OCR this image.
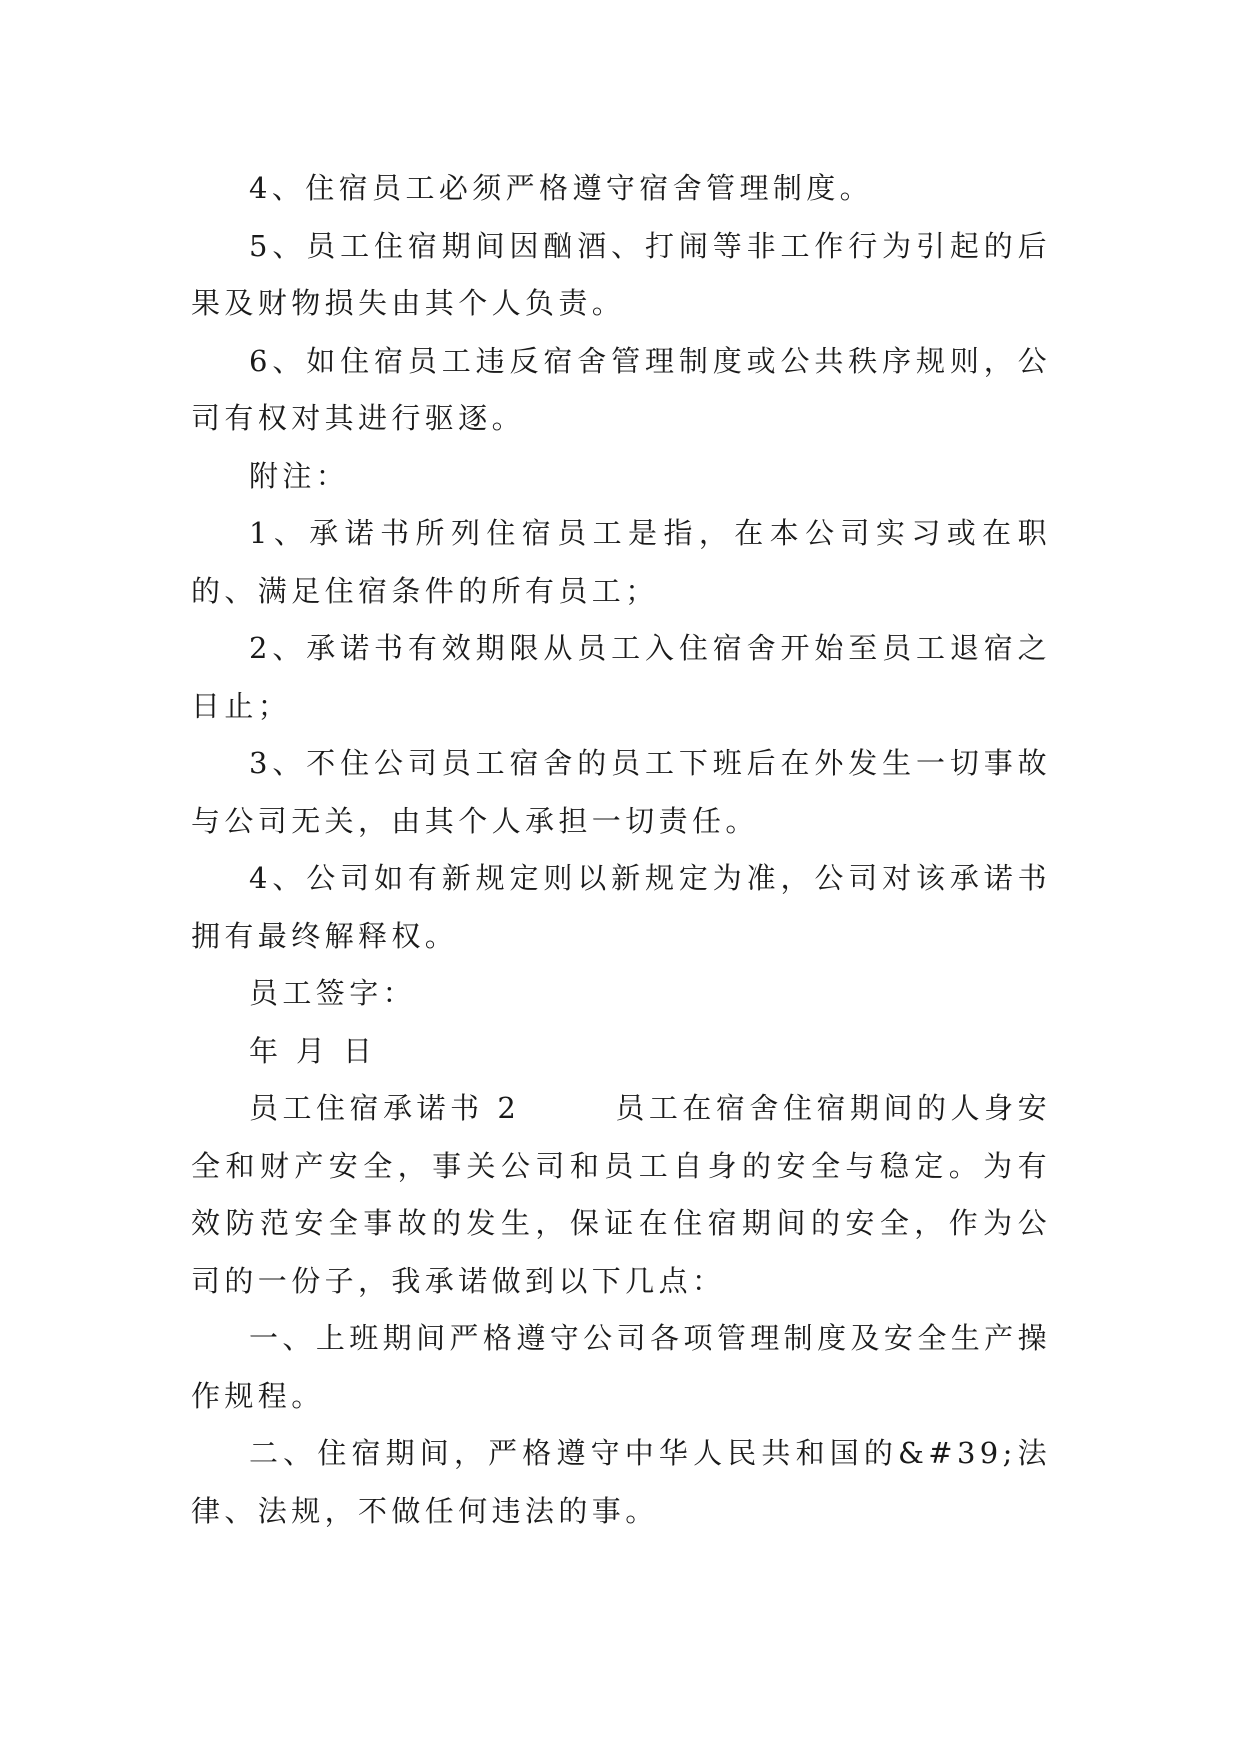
4、住宿员工必须严格遵守宿舍管理制度。

5、员工住宿期间因酗酒、打闹等非工作行为引起的后果及财物损失由其个人负责。

6、如住宿员工违反宿舍管理制度或公共秩序规则，公司有权对其进行驱逐。

附注：

1、承诺书所列住宿员工是指，在本公司实习或在职的、满足住宿条件的所有员工；

2、承诺书有效期限从员工入住宿舍开始至员工退宿之日止；

3、不住公司员工宿舍的员工下班后在外发生一切事故与公司无关，由其个人承担一切责任。

4、公司如有新规定则以新规定为准，公司对该承诺书拥有最终解释权。

员工签字：

年 月 日

员工住宿承诺书 2	员工在宿舍住宿期间的人身安全和财产安全，事关公司和员工自身的安全与稳定。为有效防范安全事故的发生，保证在住宿期间的安全，作为公司的一份子，我承诺做到以下几点：

一、上班期间严格遵守公司各项管理制度及安全生产操作规程。

二、住宿期间，严格遵守中华人民共和国的&#39;法律、法规，不做任何违法的事。
